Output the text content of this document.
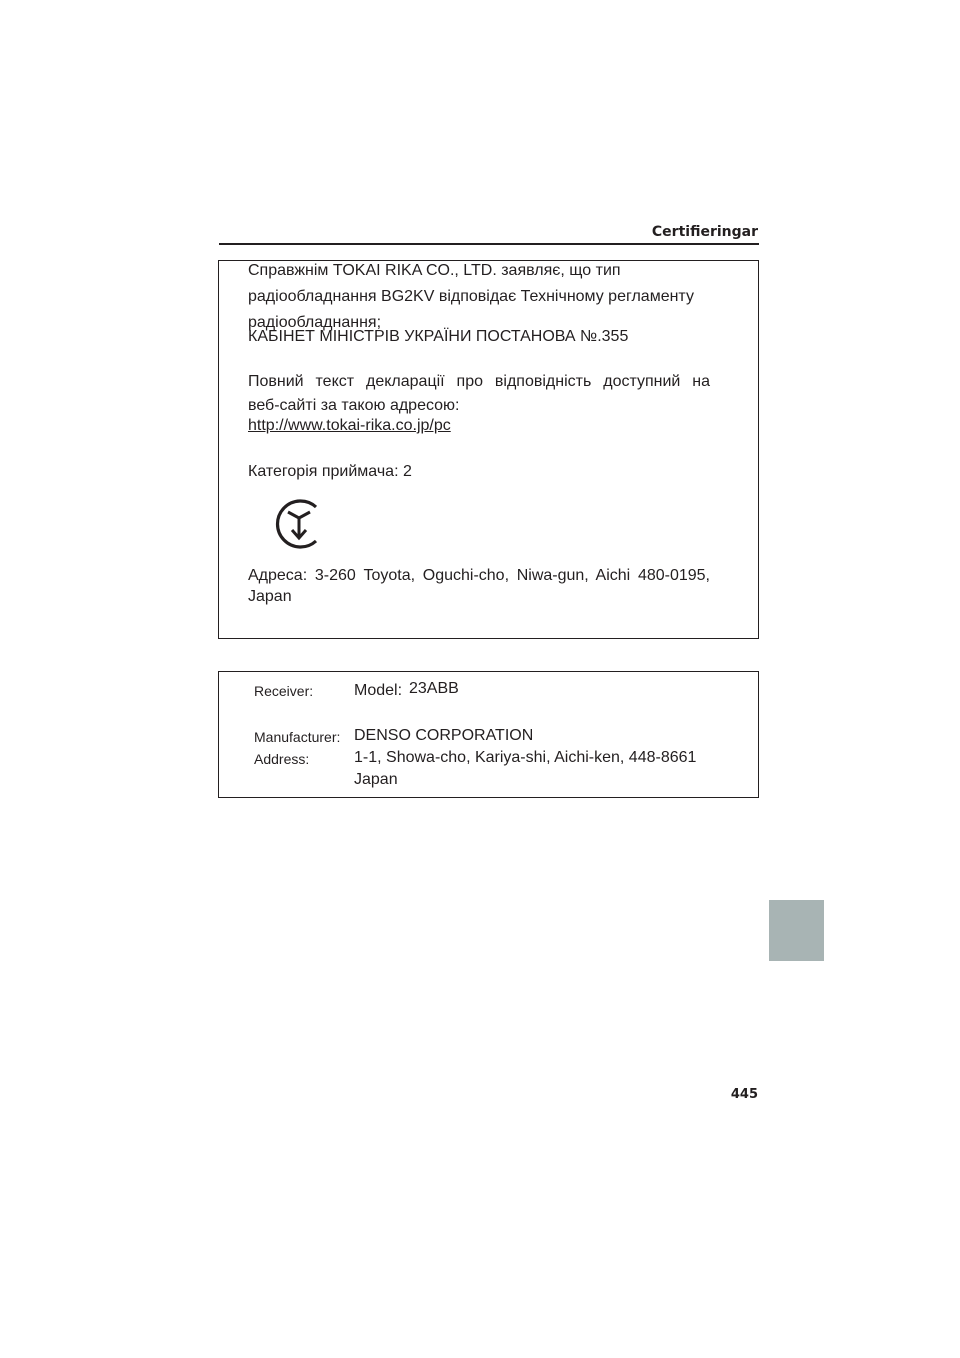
Certifieringar
Справжнім TOKAI RIKA CO., LTD. заявляє, що тип
радіообладнання BG2KV відповідає Технічному регламенту
радіообладнання;
КАБІНЕТ МІНІСТРІВ УКРАЇНИ ПОСТАНОВА №.355
Повний текст декларації про відповідність доступний на
веб-сайті за такою адресою:
http://www.tokai-rika.co.jp/pc
Категорія приймача: 2
Адреса: 3-260 Toyota, Oguchi-cho, Niwa-gun, Aichi 480-0195,
Japan
Receiver:	Model: 23ABB
Manufacturer: DENSO CORPORATION
Address:	1-1, Showa-cho, Kariya-shi, Aichi-ken, 448-8661
Japan
445
